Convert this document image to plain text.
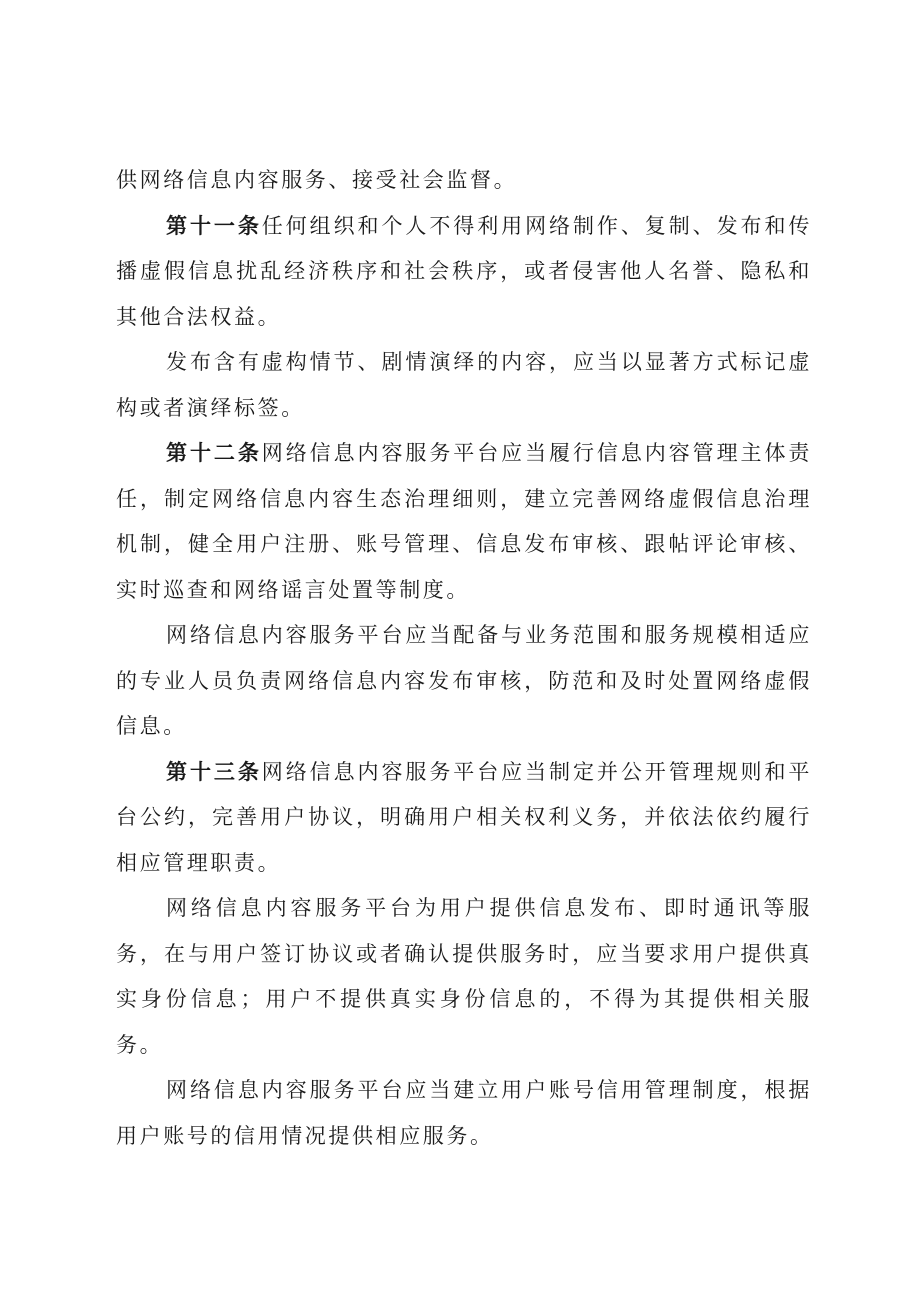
供网络信息内容服务、接受社会监督。

第十一条任何组织和个人不得利用网络制作、复制、发布和传播虚假信息扰乱经济秩序和社会秩序，或者侵害他人名誉、隐私和其他合法权益。

发布含有虚构情节、剧情演绎的内容，应当以显著方式标记虚构或者演绎标签。

第十二条网络信息内容服务平台应当履行信息内容管理主体责任，制定网络信息内容生态治理细则，建立完善网络虚假信息治理机制，健全用户注册、账号管理、信息发布审核、跟帖评论审核、实时巡查和网络谣言处置等制度。

网络信息内容服务平台应当配备与业务范围和服务规模相适应的专业人员负责网络信息内容发布审核，防范和及时处置网络虚假信息。

第十三条网络信息内容服务平台应当制定并公开管理规则和平台公约，完善用户协议，明确用户相关权利义务，并依法依约履行相应管理职责。

网络信息内容服务平台为用户提供信息发布、即时通讯等服务，在与用户签订协议或者确认提供服务时，应当要求用户提供真实身份信息；用户不提供真实身份信息的，不得为其提供相关服务。

网络信息内容服务平台应当建立用户账号信用管理制度，根据用户账号的信用情况提供相应服务。
